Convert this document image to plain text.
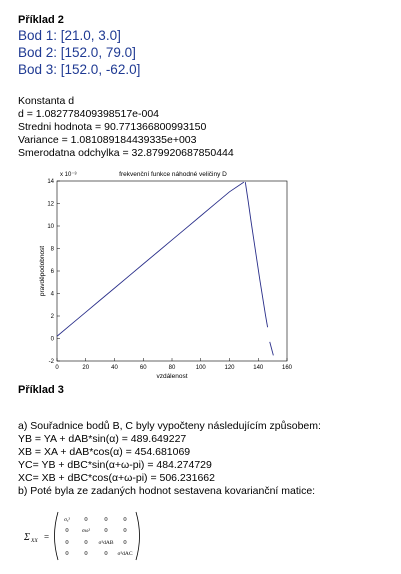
Příklad 2
Bod 1: [21.0, 3.0]
Bod 2: [152.0, 79.0]
Bod 3: [152.0, -62.0]
Konstanta d
d = 1.082778409398517e-004
Stredni hodnota = 90.771366800993150
Variance = 1.081089184439335e+003
Smerodatna odchylka = 32.879920687850444
frekvenční funkce náhodné veličiny D
x 10⁻³
0	20	40	60	80	100	120	140	160
-2
0
2
4
6
8
10
12
14
vzdálenost
pravděpodobnost
Příklad 3
a) Souřadnice bodů B, C byly vypočteny následujícím způsobem:
YB = YA + dAB*sin(α) = 489.649227
XB = XA + dAB*cos(α) = 454.681069
YC= YB + dBC*sin(α+ω-pi) = 484.274729
XC= XB + dBC*cos(α+ω-pi) = 506.231662
b) Poté byla ze zadaných hodnot sestavena kovarianční matice:
Σ XX =
σₐ² 0	0 0
0 σω² 0 0
0 0 σ²dAB 0
0 0	0 σ²dAC
